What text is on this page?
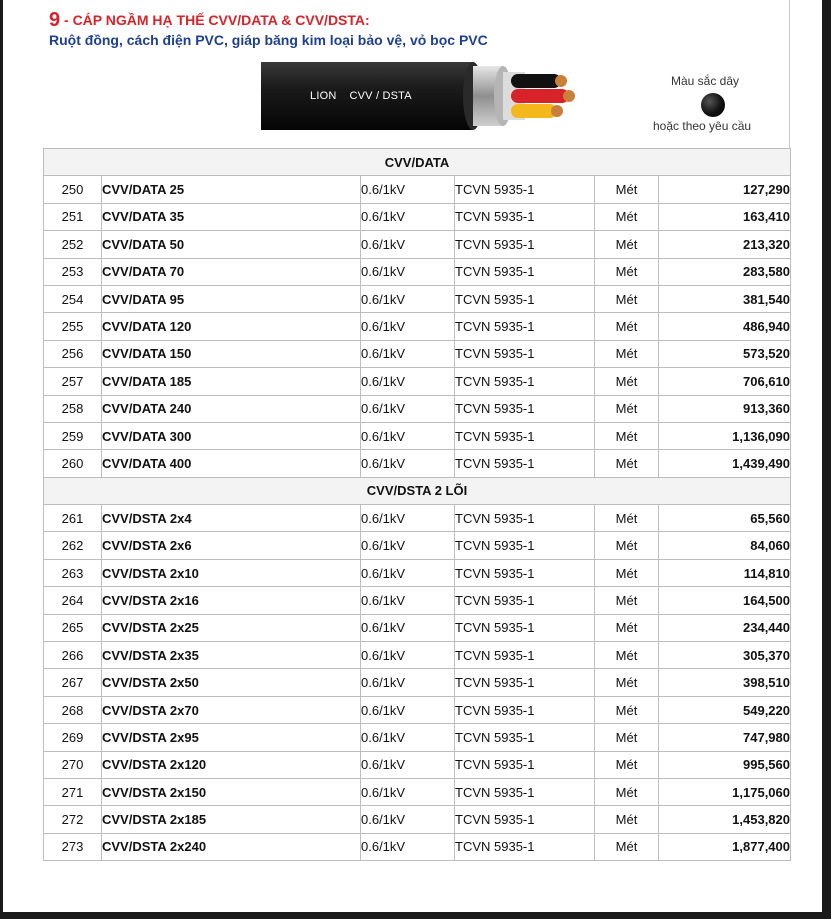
9 - CÁP NGẦM HẠ THẾ CVV/DATA & CVV/DSTA:
Ruột đồng, cách điện PVC, giáp băng kim loại bảo vệ, vỏ bọc PVC
LION    CVV / DSTA
Màu sắc dây
hoặc theo yêu cầu
CVV/DATA					
250	CVV/DATA 25	0.6/1kV	TCVN 5935-1	Mét	127,290
251	CVV/DATA 35	0.6/1kV	TCVN 5935-1	Mét	163,410
252	CVV/DATA 50	0.6/1kV	TCVN 5935-1	Mét	213,320
253	CVV/DATA 70	0.6/1kV	TCVN 5935-1	Mét	283,580
254	CVV/DATA 95	0.6/1kV	TCVN 5935-1	Mét	381,540
255	CVV/DATA 120	0.6/1kV	TCVN 5935-1	Mét	486,940
256	CVV/DATA 150	0.6/1kV	TCVN 5935-1	Mét	573,520
257	CVV/DATA 185	0.6/1kV	TCVN 5935-1	Mét	706,610
258	CVV/DATA 240	0.6/1kV	TCVN 5935-1	Mét	913,360
259	CVV/DATA 300	0.6/1kV	TCVN 5935-1	Mét	1,136,090
260	CVV/DATA 400	0.6/1kV	TCVN 5935-1	Mét	1,439,490
CVV/DSTA 2 LÕI					
261	CVV/DSTA 2x4	0.6/1kV	TCVN 5935-1	Mét	65,560
262	CVV/DSTA 2x6	0.6/1kV	TCVN 5935-1	Mét	84,060
263	CVV/DSTA 2x10	0.6/1kV	TCVN 5935-1	Mét	114,810
264	CVV/DSTA 2x16	0.6/1kV	TCVN 5935-1	Mét	164,500
265	CVV/DSTA 2x25	0.6/1kV	TCVN 5935-1	Mét	234,440
266	CVV/DSTA 2x35	0.6/1kV	TCVN 5935-1	Mét	305,370
267	CVV/DSTA 2x50	0.6/1kV	TCVN 5935-1	Mét	398,510
268	CVV/DSTA 2x70	0.6/1kV	TCVN 5935-1	Mét	549,220
269	CVV/DSTA 2x95	0.6/1kV	TCVN 5935-1	Mét	747,980
270	CVV/DSTA 2x120	0.6/1kV	TCVN 5935-1	Mét	995,560
271	CVV/DSTA 2x150	0.6/1kV	TCVN 5935-1	Mét	1,175,060
272	CVV/DSTA 2x185	0.6/1kV	TCVN 5935-1	Mét	1,453,820
273	CVV/DSTA 2x240	0.6/1kV	TCVN 5935-1	Mét	1,877,400
